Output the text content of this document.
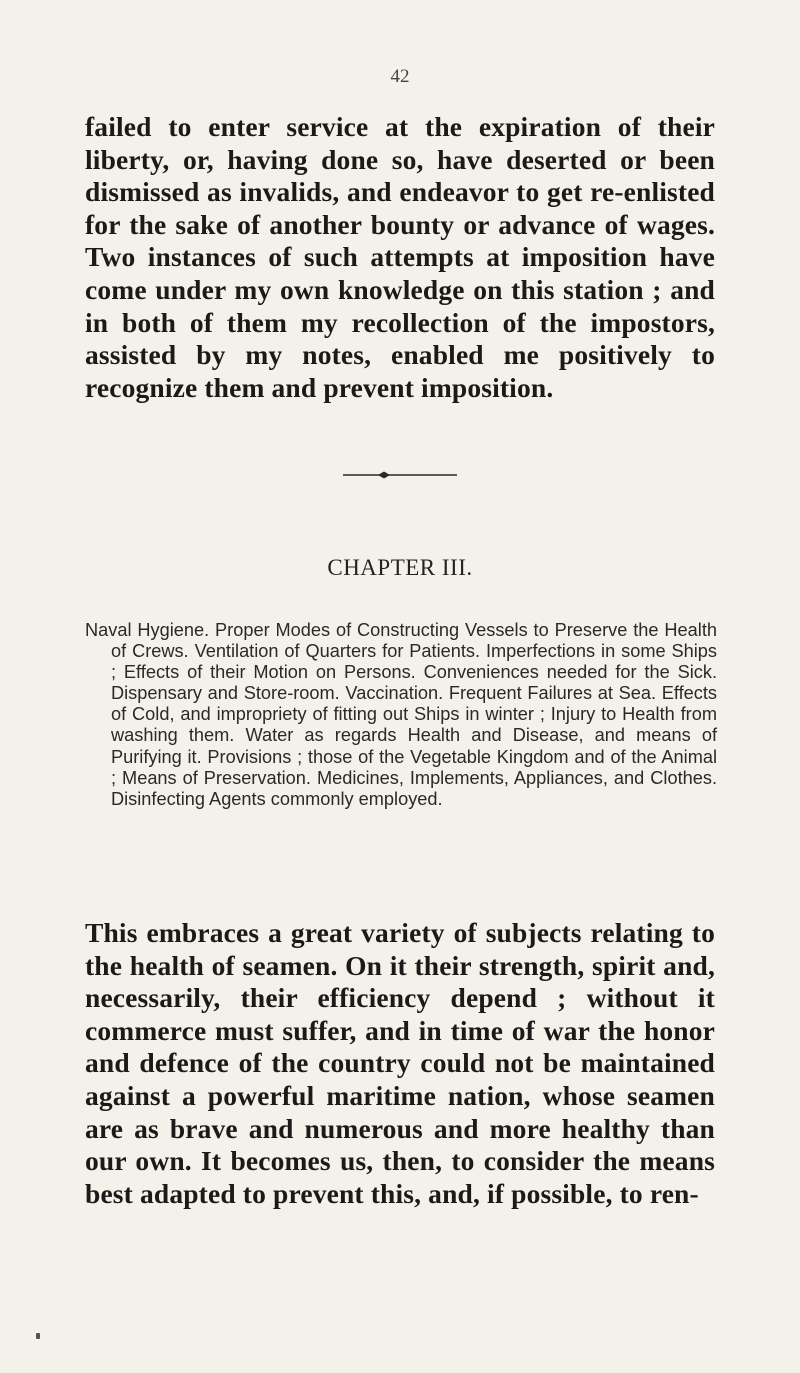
42

failed to enter service at the expiration of their liberty, or, having done so, have deserted or been dismissed as invalids, and endeavor to get re-enlisted for the sake of another bounty or advance of wages. Two instances of such attempts at imposition have come under my own knowledge on this station ; and in both of them my recollection of the impostors, assisted by my notes, enabled me positively to recognize them and prevent imposition.

CHAPTER III.

Naval Hygiene. Proper Modes of Constructing Vessels to Preserve the Health of Crews. Ventilation of Quarters for Patients. Imperfections in some Ships ; Effects of their Motion on Persons. Conveniences needed for the Sick. Dispensary and Store-room. Vaccination. Frequent Failures at Sea. Effects of Cold, and impropriety of fitting out Ships in winter ; Injury to Health from washing them. Water as regards Health and Disease, and means of Purifying it. Provisions ; those of the Vegetable Kingdom and of the Animal ; Means of Preservation. Medicines, Implements, Appliances, and Clothes. Disinfecting Agents commonly employed.

This embraces a great variety of subjects relating to the health of seamen. On it their strength, spirit and, necessarily, their efficiency depend ; without it commerce must suffer, and in time of war the honor and defence of the country could not be maintained against a powerful maritime nation, whose seamen are as brave and numerous and more healthy than our own. It becomes us, then, to consider the means best adapted to prevent this, and, if possible, to ren-
